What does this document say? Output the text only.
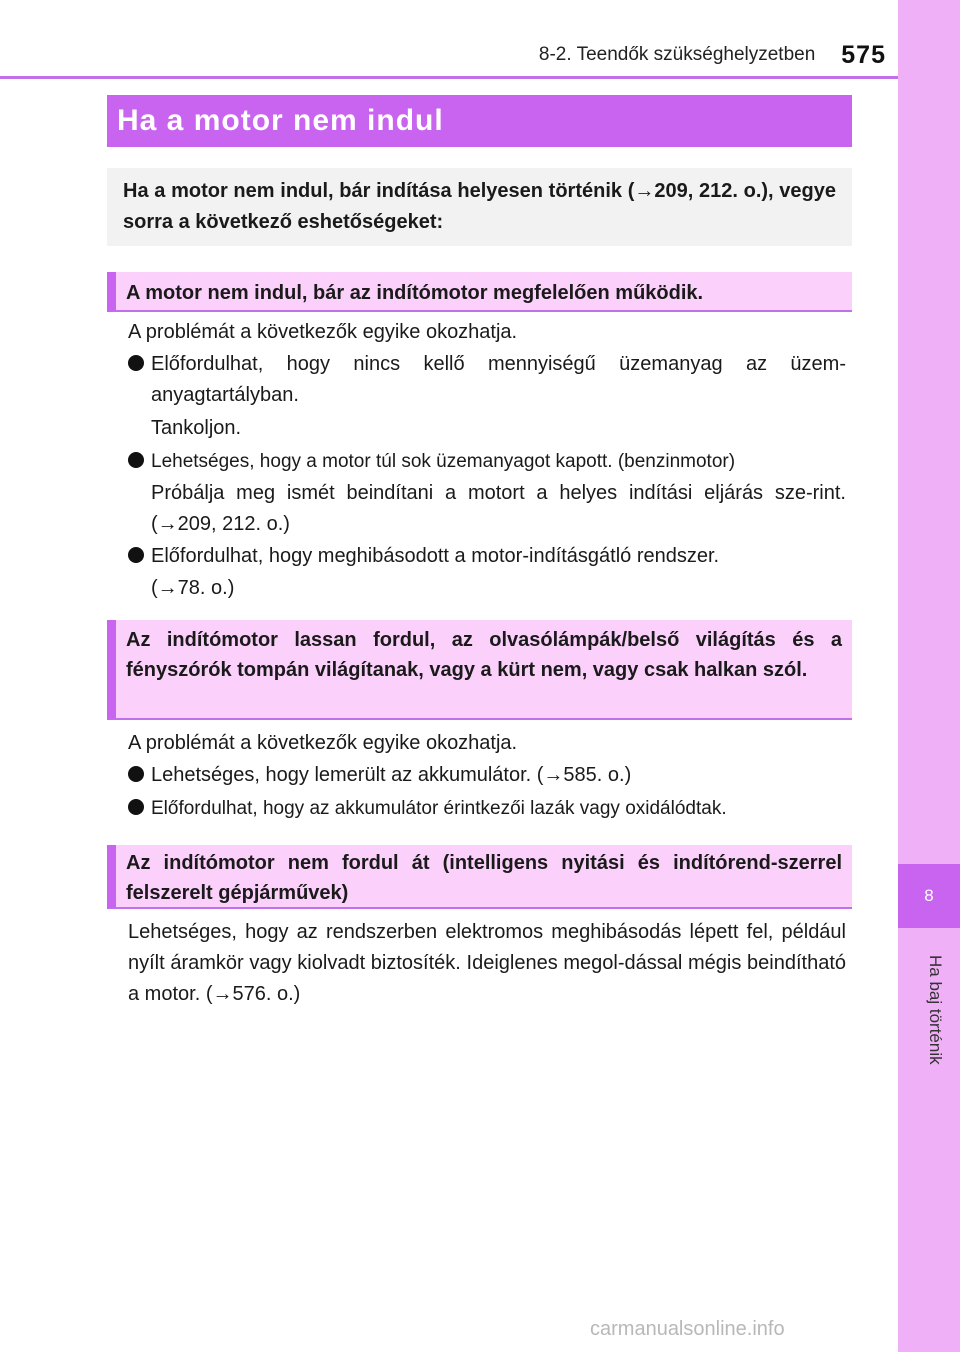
8
Ha baj történik
8-2. Teendők szükséghelyzetben 575
Ha a motor nem indul
Ha a motor nem indul, bár indítása helyesen történik (→209, 212. o.), vegye sorra a következő eshetőségeket:
A motor nem indul, bár az indítómotor megfelelően működik.
A problémát a következők egyike okozhatja.
Előfordulhat, hogy nincs kellő mennyiségű üzemanyag az üzem-anyagtartályban.
Tankoljon.
Lehetséges, hogy a motor túl sok üzemanyagot kapott. (benzinmotor)
Próbálja meg ismét beindítani a motort a helyes indítási eljárás sze-rint. (→209, 212. o.)
Előfordulhat, hogy meghibásodott a motor-indításgátló rendszer.
(→78. o.)
Az indítómotor lassan fordul, az olvasólámpák/belső világítás és a fényszórók tompán világítanak, vagy a kürt nem, vagy csak halkan szól.
A problémát a következők egyike okozhatja.
Lehetséges, hogy lemerült az akkumulátor. (→585. o.)
Előfordulhat, hogy az akkumulátor érintkezői lazák vagy oxidálódtak.
Az indítómotor nem fordul át (intelligens nyitási és indítórend-szerrel felszerelt gépjárművek)
Lehetséges, hogy az rendszerben elektromos meghibásodás lépett fel, például nyílt áramkör vagy kiolvadt biztosíték. Ideiglenes megol-dással mégis beindítható a motor. (→576. o.)
carmanualsonline.info
